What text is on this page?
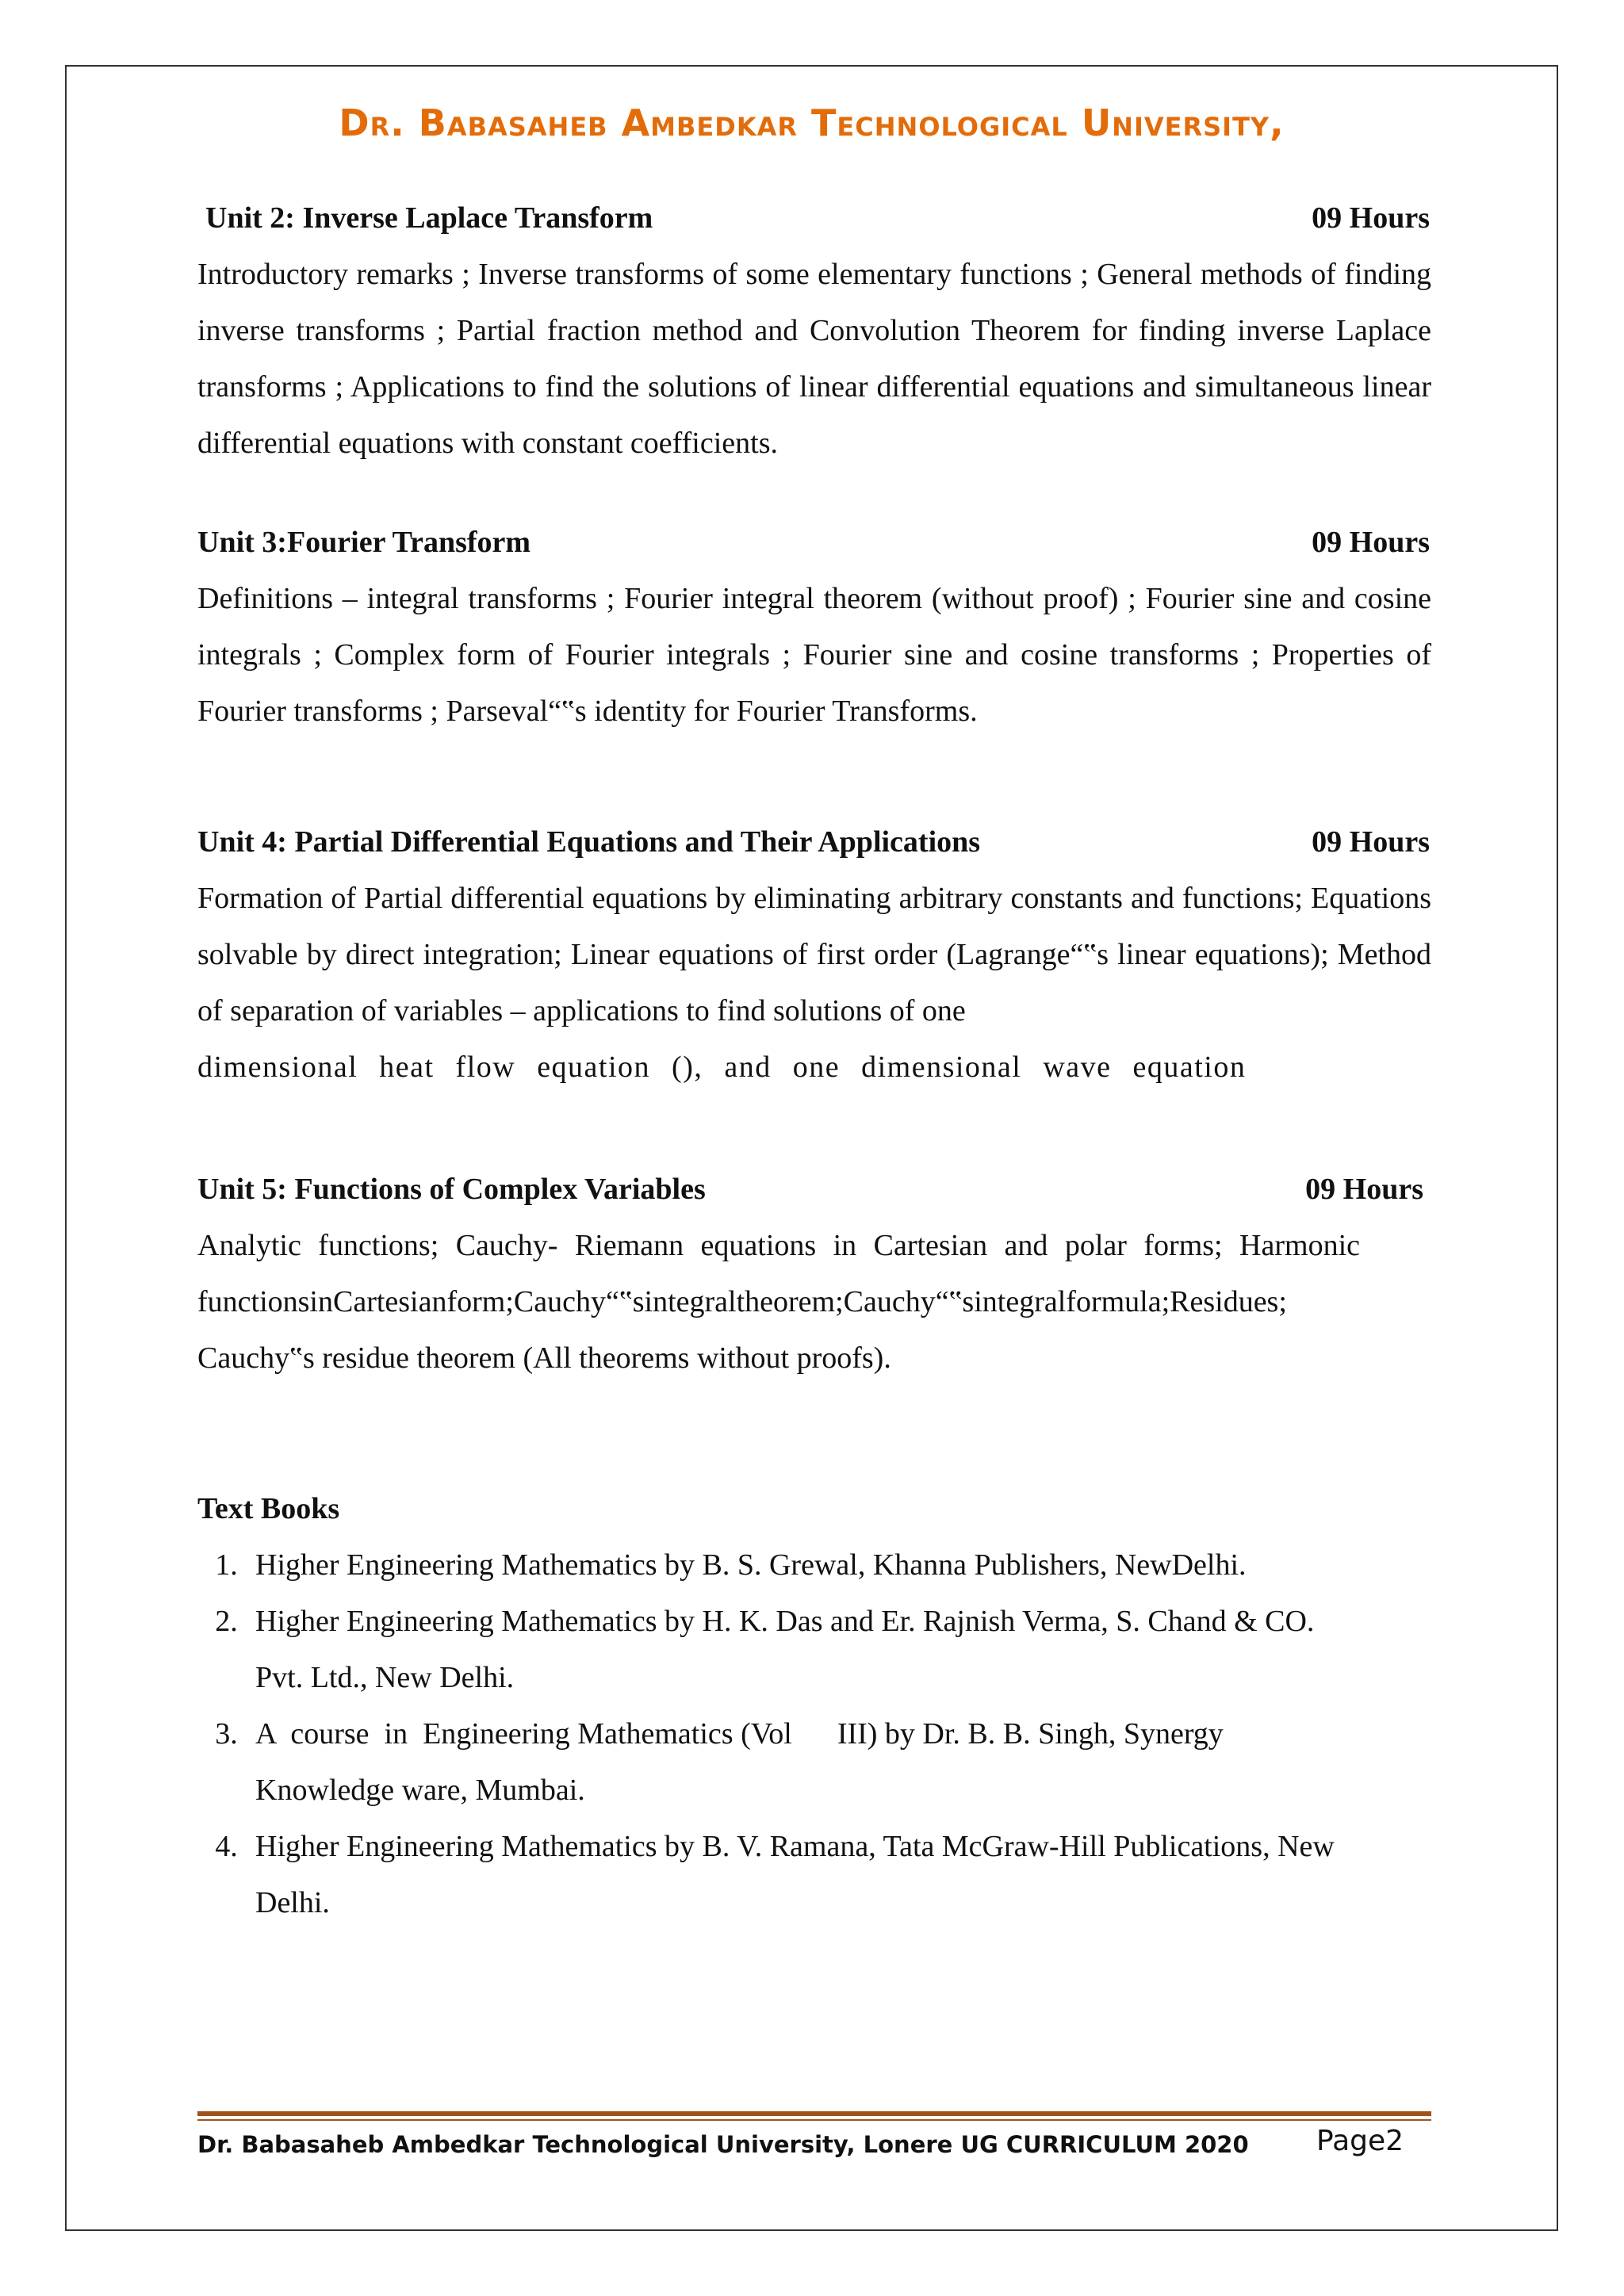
Dr. Babasaheb Ambedkar Technological University,
Unit 2: Inverse Laplace Transform	09 Hours
Introductory remarks ; Inverse transforms of some elementary functions ; General methods of finding inverse transforms ; Partial fraction method and Convolution Theorem for finding inverse Laplace transforms ; Applications to find the solutions of linear differential equations and simultaneous linear differential equations with constant coefficients.
Unit 3:Fourier Transform	09 Hours
Definitions – integral transforms ; Fourier integral theorem (without proof) ; Fourier sine and cosine integrals ; Complex form of Fourier integrals ; Fourier sine and cosine transforms ; Properties of Fourier transforms ; Parseval“‟s identity for Fourier Transforms.
Unit 4: Partial Differential Equations and Their Applications	09 Hours
Formation of Partial differential equations by eliminating arbitrary constants and functions; Equations solvable by direct integration; Linear equations of first order (Lagrange“‟s linear equations); Method of separation of variables – applications to find solutions of one
dimensional heat flow equation (), and one dimensional wave equation
Unit 5: Functions of Complex Variables	09 Hours
Analytic functions; Cauchy- Riemann equations in Cartesian and polar forms; Harmonic functionsinCartesianform;Cauchy“‟sintegraltheorem;Cauchy“‟sintegralformula;Residues; Cauchy‟s residue theorem (All theorems without proofs).
Text Books
1. Higher Engineering Mathematics by B. S. Grewal, Khanna Publishers, NewDelhi.
2. Higher Engineering Mathematics by H. K. Das and Er. Rajnish Verma, S. Chand & CO. Pvt. Ltd., New Delhi.
3. A  course  in  Engineering Mathematics (Vol      III) by Dr. B. B. Singh, Synergy Knowledge ware, Mumbai.
4. Higher Engineering Mathematics by B. V. Ramana, Tata McGraw-Hill Publications, New Delhi.
Dr. Babasaheb Ambedkar Technological University, Lonere UG CURRICULUM 2020 Page2
